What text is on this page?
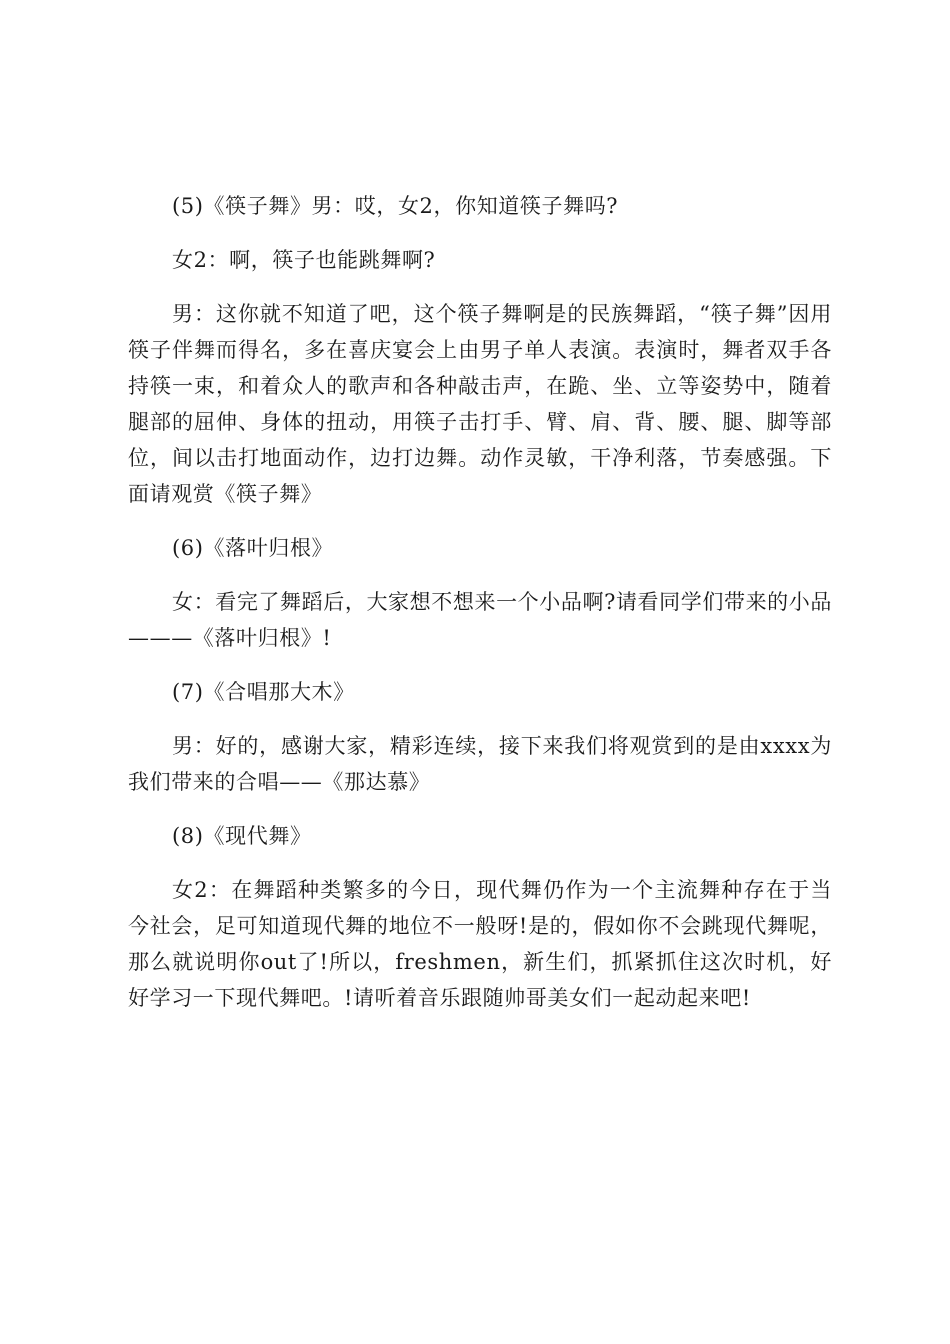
(5)《筷子舞》男：哎，女2，你知道筷子舞吗?

女2：啊，筷子也能跳舞啊?

男：这你就不知道了吧，这个筷子舞啊是的民族舞蹈，“筷子舞”因用筷子伴舞而得名，多在喜庆宴会上由男子单人表演。表演时，舞者双手各持筷一束，和着众人的歌声和各种敲击声，在跪、坐、立等姿势中，随着腿部的屈伸、身体的扭动，用筷子击打手、臂、肩、背、腰、腿、脚等部位，间以击打地面动作，边打边舞。动作灵敏，干净利落，节奏感强。下面请观赏《筷子舞》

(6)《落叶归根》

女：看完了舞蹈后，大家想不想来一个小品啊?请看同学们带来的小品———《落叶归根》!

(7)《合唱那大木》

男：好的，感谢大家，精彩连续，接下来我们将观赏到的是由xxxx为我们带来的合唱——《那达慕》

(8)《现代舞》

女2：在舞蹈种类繁多的今日，现代舞仍作为一个主流舞种存在于当今社会，足可知道现代舞的地位不一般呀!是的，假如你不会跳现代舞呢，那么就说明你out了!所以，freshmen，新生们，抓紧抓住这次时机，好好学习一下现代舞吧。!请听着音乐跟随帅哥美女们一起动起来吧!
